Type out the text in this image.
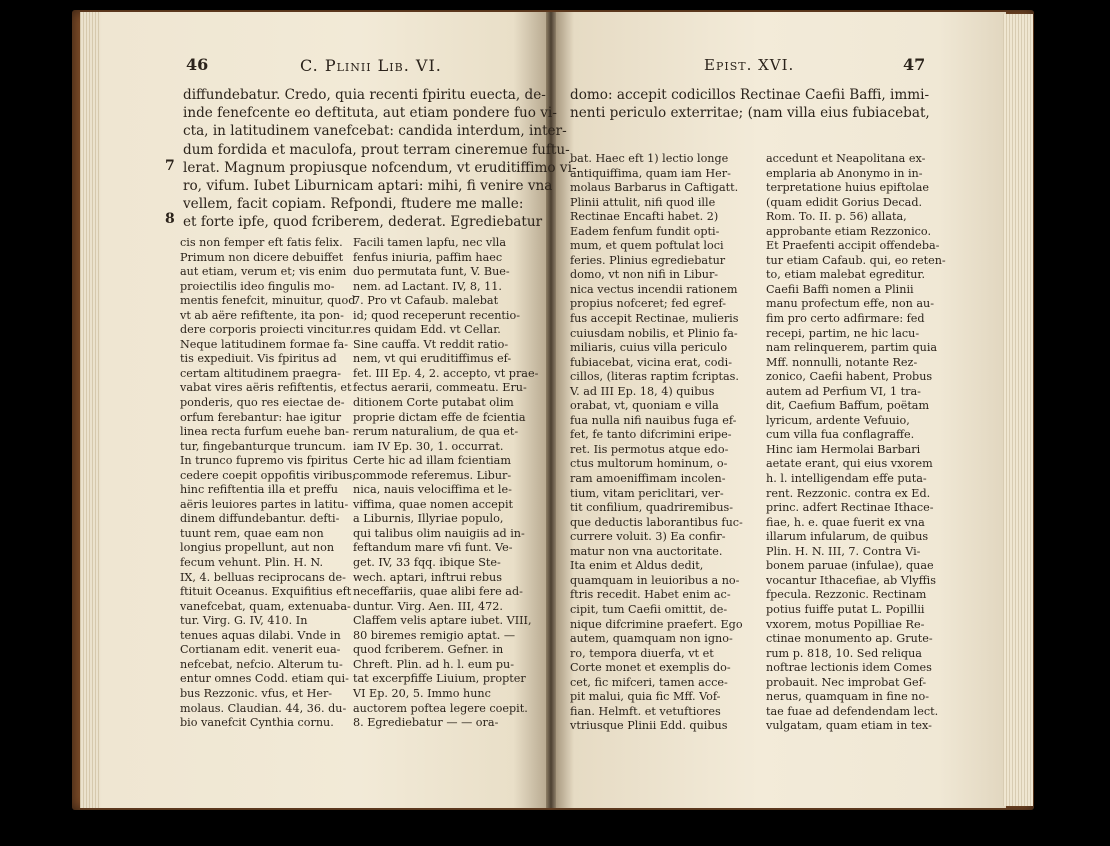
46	C. Plinii Lib. VI.
7
8
diffundebatur. Credo, quia recenti fpiritu euecta, de-
inde fenefcente eo deftituta, aut etiam pondere fuo vi-
cta, in latitudinem vanefcebat: candida interdum, inter-
dum fordida et maculofa, prout terram cineremue fuftu-
lerat. Magnum propiusque nofcendum, vt eruditiffimo vi-
ro, vifum. Iubet Liburnicam aptari: mihi, fi venire vna
vellem, facit copiam. Refpondi, ftudere me malle:
et forte ipfe, quod fcriberem, dederat. Egrediebatur
cis non femper eft fatis felix.
Primum non dicere debuiffet
aut etiam, verum et; vis enim
proiectilis ideo fingulis mo-
mentis fenefcit, minuitur, quod
vt ab aëre refiftente, ita pon-
dere corporis proiecti vincitur.
Neque latitudinem formae fa-
tis expediuit. Vis fpiritus ad
certam altitudinem praegra-
vabat vires aëris refiftentis, et
ponderis, quo res eiectae de-
orfum ferebantur: hae igitur
linea recta furfum euehe ban-
tur, fingebanturque truncum.
In trunco fupremo vis fpiritus
cedere coepit oppofitis viribus;
hinc refiftentia illa et preffu
aëris leuiores partes in latitu-
dinem diffundebantur. defti-
tuunt rem, quae eam non
longius propellunt, aut non
fecum vehunt. Plin. H. N.
IX, 4. belluas reciprocans de-
ftituit Oceanus. Exquifitius eft
vanefcebat, quam, extenuaba-
tur. Virg. G. IV, 410. In
tenues aquas dilabi. Vnde in
Cortianam edit. venerit eua-
nefcebat, nefcio. Alterum tu-
entur omnes Codd. etiam qui-
bus Rezzonic. vfus, et Her-
molaus. Claudian. 44, 36. du-
bio vanefcit Cynthia cornu.
Facili tamen lapfu, nec vlla
fenfus iniuria, paffim haec
duo permutata funt, V. Bue-
nem. ad Lactant. IV, 8, 11.
7. Pro vt Cafaub. malebat
id; quod receperunt recentio-
res quidam Edd. vt Cellar.
Sine cauffa. Vt reddit ratio-
nem, vt qui eruditiffimus ef-
fet. III Ep. 4, 2. accepto, vt prae-
fectus aerarii, commeatu. Eru-
ditionem Corte putabat olim
proprie dictam effe de fcientia
rerum naturalium, de qua et-
iam IV Ep. 30, 1. occurrat.
Certe hic ad illam fcientiam
commode referemus. Libur-
nica, nauis velociffima et le-
viffima, quae nomen accepit
a Liburnis, Illyriae populo,
qui talibus olim nauigiis ad in-
feftandum mare vfi funt. Ve-
get. IV, 33 fqq. ibique Ste-
wech. aptari, inftrui rebus
neceffariis, quae alibi fere ad-
duntur. Virg. Aen. III, 472.
Claffem velis aptare iubet. VIII,
80 biremes remigio aptat. —
quod fcriberem. Gefner. in
Chreft. Plin. ad h. l. eum pu-
tat excerpfiffe Liuium, propter
VI Ep. 20, 5. Immo hunc
auctorem poftea legere coepit.
8. Egrediebatur — — ora-
Epist. XVI.	47
domo: accepit codicillos Rectinae Caefii Baffi, immi-
nenti periculo exterritae; (nam villa eius fubiacebat,
bat. Haec eft 1) lectio longe
antiquiffima, quam iam Her-
molaus Barbarus in Caftigatt.
Plinii attulit, nifi quod ille
Rectinae Encafti habet. 2)
Eadem fenfum fundit opti-
mum, et quem poftulat loci
feries. Plinius egrediebatur
domo, vt non nifi in Libur-
nica vectus incendii rationem
propius nofceret; fed egref-
fus accepit Rectinae, mulieris
cuiusdam nobilis, et Plinio fa-
miliaris, cuius villa periculo
fubiacebat, vicina erat, codi-
cillos, (literas raptim fcriptas.
V. ad III Ep. 18, 4) quibus
orabat, vt, quoniam e villa
fua nulla nifi nauibus fuga ef-
fet, fe tanto difcrimini eripe-
ret. Iis permotus atque edo-
ctus multorum hominum, o-
ram amoeniffimam incolen-
tium, vitam periclitari, ver-
tit confilium, quadriremibus-
que deductis laborantibus fuc-
currere voluit. 3) Ea confir-
matur non vna auctoritate.
Ita enim et Aldus dedit,
quamquam in leuioribus a no-
ftris recedit. Habet enim ac-
cipit, tum Caefii omittit, de-
nique difcrimine praefert. Ego
autem, quamquam non igno-
ro, tempora diuerfa, vt et
Corte monet et exemplis do-
cet, fic mifceri, tamen acce-
pit malui, quia fic Mff. Vof-
fian. Helmft. et vetuftiores
vtriusque Plinii Edd. quibus
accedunt et Neapolitana ex-
emplaria ab Anonymo in in-
terpretatione huius epiftolae
(quam edidit Gorius Decad.
Rom. To. II. p. 56) allata,
approbante etiam Rezzonico.
Et Praefenti accipit offendeba-
tur etiam Cafaub. qui, eo reten-
to, etiam malebat egreditur.
Caefii Baffi nomen a Plinii
manu profectum effe, non au-
fim pro certo adfirmare: fed
recepi, partim, ne hic lacu-
nam relinquerem, partim quia
Mff. nonnulli, notante Rez-
zonico, Caefii habent, Probus
autem ad Perfium VI, 1 tra-
dit, Caefium Baffum, poëtam
lyricum, ardente Vefuuio,
cum villa fua conflagraffe.
Hinc iam Hermolai Barbari
aetate erant, qui eius vxorem
h. l. intelligendam effe puta-
rent. Rezzonic. contra ex Ed.
princ. adfert Rectinae Ithace-
fiae, h. e. quae fuerit ex vna
illarum infularum, de quibus
Plin. H. N. III, 7. Contra Vi-
bonem paruae (infulae), quae
vocantur Ithacefiae, ab Vlyffis
fpecula. Rezzonic. Rectinam
potius fuiffe putat L. Popillii
vxorem, motus Popilliae Re-
ctinae monumento ap. Grute-
rum p. 818, 10. Sed reliqua
noftrae lectionis idem Comes
probauit. Nec improbat Gef-
nerus, quamquam in fine no-
tae fuae ad defendendam lect.
vulgatam, quam etiam in tex-
